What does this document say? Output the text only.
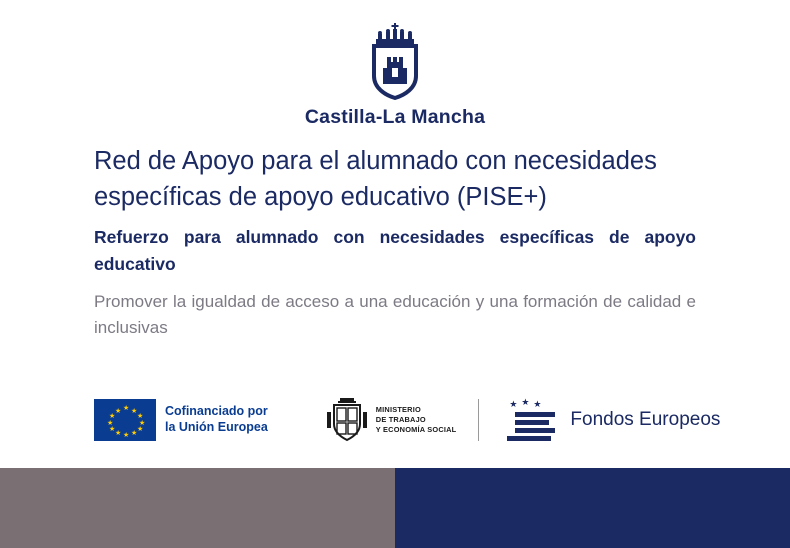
Castilla-La Mancha
Red de Apoyo para el alumnado con necesidades específicas de apoyo educativo (PISE+)

Refuerzo para alumnado con necesidades específicas de apoyo educativo

Promover la igualdad de acceso a una educación y una formación de calidad e inclusivas

★
★ ★
★	★
★	★
★	★
★ ★
★
Cofinanciado por
la Unión Europea
MINISTERIO
DE TRABAJO
Y ECONOMÍA SOCIAL
★ ★ ★
Fondos Europeos
